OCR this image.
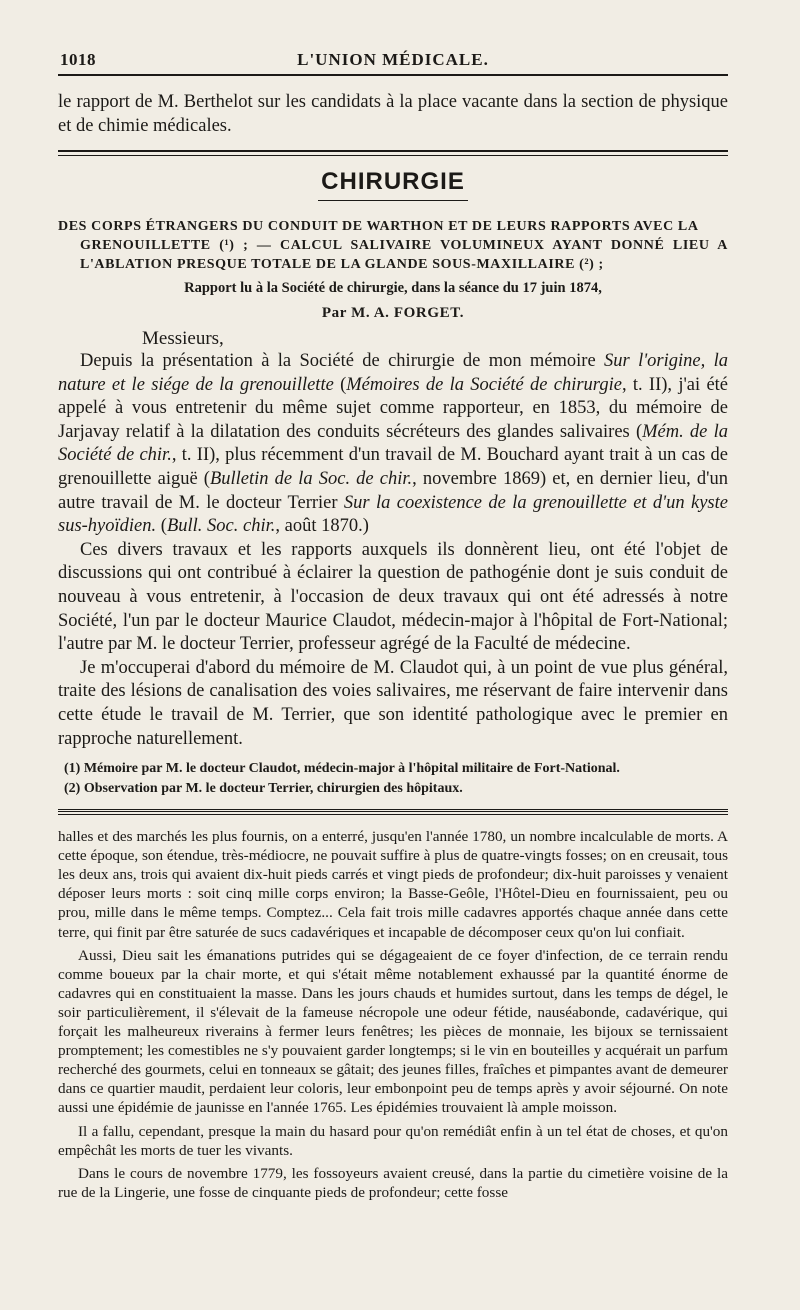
1018	L'UNION MÉDICALE.

le rapport de M. Berthelot sur les candidats à la place vacante dans la section de physique et de chimie médicales.

CHIRURGIE
DES CORPS ÉTRANGERS DU CONDUIT DE WARTHON ET DE LEURS RAPPORTS AVEC LA
GRENOUILLETTE (¹) ; — CALCUL SALIVAIRE VOLUMINEUX AYANT DONNÉ LIEU A L'ABLATION PRESQUE TOTALE DE LA GLANDE SOUS-MAXILLAIRE (²) ;
Rapport lu à la Société de chirurgie, dans la séance du 17 juin 1874,
Par M. A. FORGET.
Messieurs,

Depuis la présentation à la Société de chirurgie de mon mémoire Sur l'origine, la nature et le siége de la grenouillette (Mémoires de la Société de chirurgie, t. II), j'ai été appelé à vous entretenir du même sujet comme rapporteur, en 1853, du mémoire de Jarjavay relatif à la dilatation des conduits sécréteurs des glandes salivaires (Mém. de la Société de chir., t. II), plus récemment d'un travail de M. Bouchard ayant trait à un cas de grenouillette aiguë (Bulletin de la Soc. de chir., novembre 1869) et, en dernier lieu, d'un autre travail de M. le docteur Terrier Sur la coexistence de la grenouillette et d'un kyste sus-hyoïdien. (Bull. Soc. chir., août 1870.)

Ces divers travaux et les rapports auxquels ils donnèrent lieu, ont été l'objet de discussions qui ont contribué à éclairer la question de pathogénie dont je suis conduit de nouveau à vous entretenir, à l'occasion de deux travaux qui ont été adressés à notre Société, l'un par le docteur Maurice Claudot, médecin-major à l'hôpital de Fort-National; l'autre par M. le docteur Terrier, professeur agrégé de la Faculté de médecine.

Je m'occuperai d'abord du mémoire de M. Claudot qui, à un point de vue plus général, traite des lésions de canalisation des voies salivaires, me réservant de faire intervenir dans cette étude le travail de M. Terrier, que son identité pathologique avec le premier en rapproche naturellement.

(1) Mémoire par M. le docteur Claudot, médecin-major à l'hôpital militaire de Fort-National.
(2) Observation par M. le docteur Terrier, chirurgien des hôpitaux.

halles et des marchés les plus fournis, on a enterré, jusqu'en l'année 1780, un nombre incalculable de morts. A cette époque, son étendue, très-médiocre, ne pouvait suffire à plus de quatre-vingts fosses; on en creusait, tous les deux ans, trois qui avaient dix-huit pieds carrés et vingt pieds de profondeur; dix-huit paroisses y venaient déposer leurs morts : soit cinq mille corps environ; la Basse-Geôle, l'Hôtel-Dieu en fournissaient, peu ou prou, mille dans le même temps. Comptez... Cela fait trois mille cadavres apportés chaque année dans cette terre, qui finit par être saturée de sucs cadavériques et incapable de décomposer ceux qu'on lui confiait.

Aussi, Dieu sait les émanations putrides qui se dégageaient de ce foyer d'infection, de ce terrain rendu comme boueux par la chair morte, et qui s'était même notablement exhaussé par la quantité énorme de cadavres qui en constituaient la masse. Dans les jours chauds et humides surtout, dans les temps de dégel, le soir particulièrement, il s'élevait de la fameuse nécropole une odeur fétide, nauséabonde, cadavérique, qui forçait les malheureux riverains à fermer leurs fenêtres; les pièces de monnaie, les bijoux se ternissaient promptement; les comestibles ne s'y pouvaient garder longtemps; si le vin en bouteilles y acquérait un parfum recherché des gourmets, celui en tonneaux se gâtait; des jeunes filles, fraîches et pimpantes avant de demeurer dans ce quartier maudit, perdaient leur coloris, leur embonpoint peu de temps après y avoir séjourné. On note aussi une épidémie de jaunisse en l'année 1765. Les épidémies trouvaient là ample moisson.

Il a fallu, cependant, presque la main du hasard pour qu'on remédiât enfin à un tel état de choses, et qu'on empêchât les morts de tuer les vivants.

Dans le cours de novembre 1779, les fossoyeurs avaient creusé, dans la partie du cimetière voisine de la rue de la Lingerie, une fosse de cinquante pieds de profondeur; cette fosse
